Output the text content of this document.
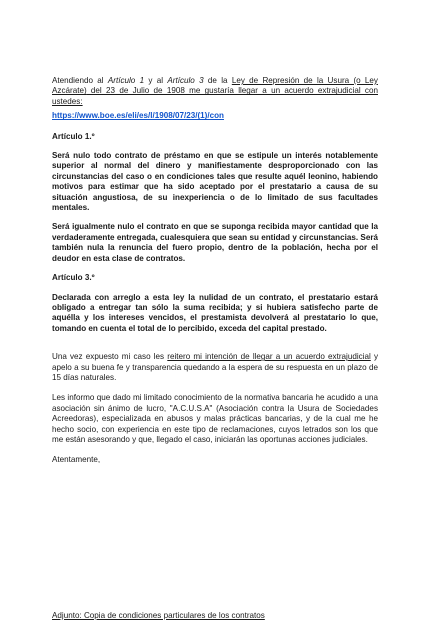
Atendiendo al Artículo 1 y al Artículo 3 de la Ley de Represión de la Usura (o Ley Azcárate) del 23 de Julio de 1908 me gustaría llegar a un acuerdo extrajudicial con ustedes:

https://www.boe.es/eli/es/l/1908/07/23/(1)/con

Artículo 1.º

Será nulo todo contrato de préstamo en que se estipule un interés notablemente superior al normal del dinero y manifiestamente desproporcionado con las circunstancias del caso o en condiciones tales que resulte aquél leonino, habiendo motivos para estimar que ha sido aceptado por el prestatario a causa de su situación angustiosa, de su inexperiencia o de lo limitado de sus facultades mentales.

Será igualmente nulo el contrato en que se suponga recibida mayor cantidad que la verdaderamente entregada, cualesquiera que sean su entidad y circunstancias. Será también nula la renuncia del fuero propio, dentro de la población, hecha por el deudor en esta clase de contratos.

Artículo 3.º

Declarada con arreglo a esta ley la nulidad de un contrato, el prestatario estará obligado a entregar tan sólo la suma recibida; y si hubiera satisfecho parte de aquélla y los intereses vencidos, el prestamista devolverá al prestatario lo que, tomando en cuenta el total de lo percibido, exceda del capital prestado.

Una vez expuesto mi caso les reitero mi intención de llegar a un acuerdo extrajudicial y apelo a su buena fe y transparencia quedando a la espera de su respuesta en un plazo de 15 días naturales.

Les informo que dado mi limitado conocimiento de la normativa bancaria he acudido a una asociación sin ánimo de lucro, "A.C.U.S.A" (Asociación contra la Usura de Sociedades Acreedoras), especializada en abusos y malas prácticas bancarias, y de la cual me he hecho socio, con experiencia en este tipo de reclamaciones, cuyos letrados son los que me están asesorando y que, llegado el caso, iniciarán las oportunas acciones judiciales.

Atentamente,

Adjunto: Copia de condiciones particulares de los contratos
